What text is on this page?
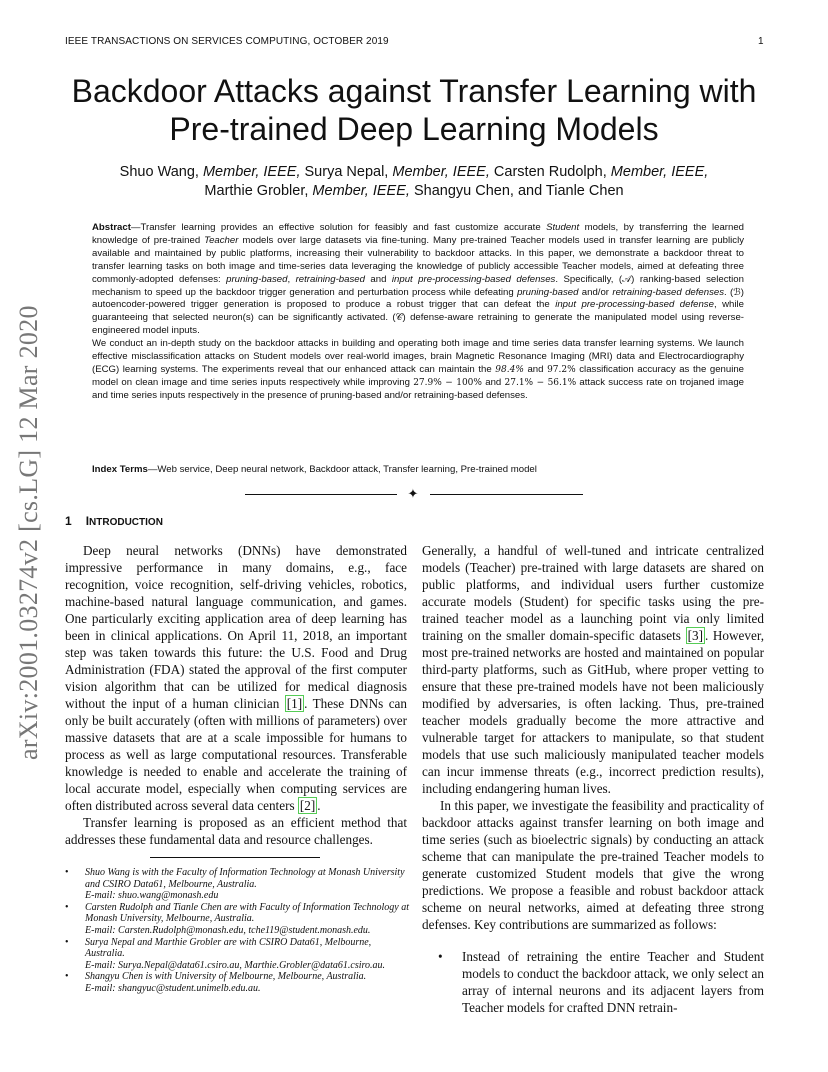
IEEE TRANSACTIONS ON SERVICES COMPUTING, OCTOBER 2019	1
arXiv:2001.03274v2 [cs.LG] 12 Mar 2020
Backdoor Attacks against Transfer Learning with
Pre-trained Deep Learning Models
Shuo Wang, Member, IEEE, Surya Nepal, Member, IEEE, Carsten Rudolph, Member, IEEE,
Marthie Grobler, Member, IEEE, Shangyu Chen, and Tianle Chen

Abstract—Transfer learning provides an effective solution for feasibly and fast customize accurate Student models, by transferring the learned knowledge of pre-trained Teacher models over large datasets via fine-tuning. Many pre-trained Teacher models used in transfer learning are publicly available and maintained by public platforms, increasing their vulnerability to backdoor attacks. In this paper, we demonstrate a backdoor threat to transfer learning tasks on both image and time-series data leveraging the knowledge of publicly accessible Teacher models, aimed at defeating three commonly-adopted defenses: pruning-based, retraining-based and input pre-processing-based defenses. Specifically, (𝒜) ranking-based selection mechanism to speed up the backdoor trigger generation and perturbation process while defeating pruning-based and/or retraining-based defenses. (ℬ) autoencoder-powered trigger generation is proposed to produce a robust trigger that can defeat the input pre-processing-based defense, while guaranteeing that selected neuron(s) can be significantly activated. (𝒞) defense-aware retraining to generate the manipulated model using reverse-engineered model inputs.

We conduct an in-depth study on the backdoor attacks in building and operating both image and time series data transfer learning systems. We launch effective misclassification attacks on Student models over real-world images, brain Magnetic Resonance Imaging (MRI) data and Electrocardiography (ECG) learning systems. The experiments reveal that our enhanced attack can maintain the 98.4% and 97.2% classification accuracy as the genuine model on clean image and time series inputs respectively while improving 27.9% − 100% and 27.1% − 56.1% attack success rate on trojaned image and time series inputs respectively in the presence of pruning-based and/or retraining-based defenses.

Index Terms—Web service, Deep neural network, Backdoor attack, Transfer learning, Pre-trained model
✦
1 INTRODUCTION

Deep neural networks (DNNs) have demonstrated impressive performance in many domains, e.g., face recognition, voice recognition, self-driving vehicles, robotics, machine-based natural language communication, and games. One particularly exciting application area of deep learning has been in clinical applications. On April 11, 2018, an important step was taken towards this future: the U.S. Food and Drug Administration (FDA) stated the approval of the first computer vision algorithm that can be utilized for medical diagnosis without the input of a human clinician [1] . These DNNs can only be built accurately (often with millions of parameters) over massive datasets that are at a scale impossible for humans to process as well as large computational resources. Transferable knowledge is needed to enable and accelerate the training of local accurate model, especially when computing services are often distributed across several data centers [2] .

Transfer learning is proposed as an efficient method that addresses these fundamental data and resource challenges.

• Shuo Wang is with the Faculty of Information Technology at Monash University and CSIRO Data61, Melbourne, Australia.
E-mail: shuo.wang@monash.edu
• Carsten Rudolph and Tianle Chen are with Faculty of Information Technology at Monash University, Melbourne, Australia.
E-mail: Carsten.Rudolph@monash.edu, tche119@student.monash.edu.
• Surya Nepal and Marthie Grobler are with CSIRO Data61, Melbourne, Australia.
E-mail: Surya.Nepal@data61.csiro.au, Marthie.Grobler@data61.csiro.au.
• Shangyu Chen is with University of Melbourne, Melbourne, Australia.
E-mail: shangyuc@student.unimelb.edu.au.

Generally, a handful of well-tuned and intricate centralized models (Teacher) pre-trained with large datasets are shared on public platforms, and individual users further customize accurate models (Student) for specific tasks using the pre-trained teacher model as a launching point via only limited training on the smaller domain-specific datasets [3] . However, most pre-trained networks are hosted and maintained on popular third-party platforms, such as GitHub, where proper vetting to ensure that these pre-trained models have not been maliciously modified by adversaries, is often lacking. Thus, pre-trained teacher models gradually become the more attractive and vulnerable target for attackers to manipulate, so that student models that use such maliciously manipulated teacher models can incur immense threats (e.g., incorrect prediction results), including endangering human lives.

In this paper, we investigate the feasibility and practicality of backdoor attacks against transfer learning on both image and time series (such as bioelectric signals) by conducting an attack scheme that can manipulate the pre-trained Teacher models to generate customized Student models that give the wrong predictions. We propose a feasible and robust backdoor attack scheme on neural networks, aimed at defeating three strong defenses. Key contributions are summarized as follows:

• Instead of retraining the entire Teacher and Student models to conduct the backdoor attack, we only select an array of internal neurons and its adjacent layers from Teacher models for crafted DNN retrain-
